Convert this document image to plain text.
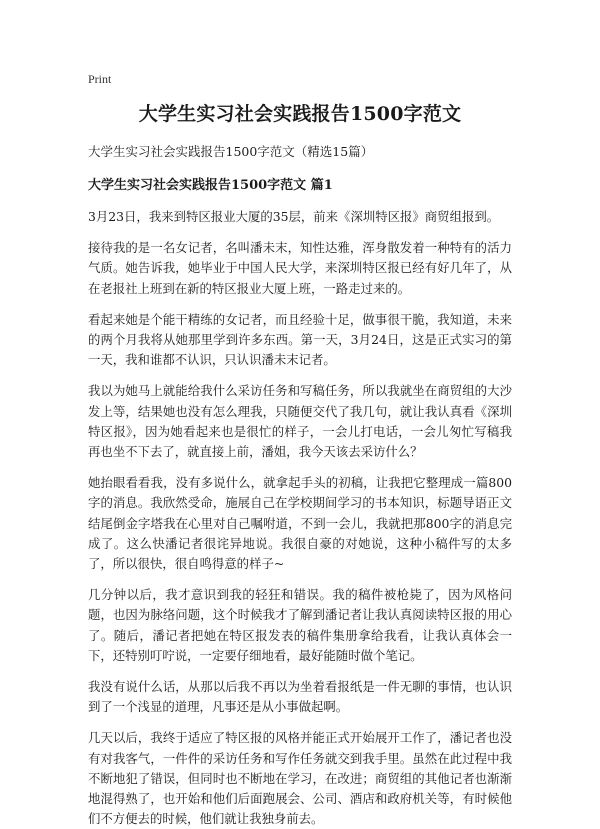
Print
大学生实习社会实践报告1500字范文
大学生实习社会实践报告1500字范文（精选15篇）
大学生实习社会实践报告1500字范文 篇1

3月23日，我来到特区报业大厦的35层，前来《深圳特区报》商贸组报到。

接待我的是一名女记者，名叫潘未末，知性达雅，浑身散发着一种特有的活力气质。她告诉我，她毕业于中国人民大学，来深圳特区报已经有好几年了，从在老报社上班到在新的特区报业大厦上班，一路走过来的。

看起来她是个能干精练的女记者，而且经验十足，做事很干脆，我知道，未来的两个月我将从她那里学到许多东西。第一天，3月24日，这是正式实习的第一天，我和谁都不认识，只认识潘未末记者。

我以为她马上就能给我什么采访任务和写稿任务，所以我就坐在商贸组的大沙发上等，结果她也没有怎么理我，只随便交代了我几句，就让我认真看《深圳特区报》，因为她看起来也是很忙的样子，一会儿打电话，一会儿匆忙写稿我再也坐不下去了，就直接上前，潘姐，我今天该去采访什么？

她抬眼看看我，没有多说什么，就拿起手头的初稿，让我把它整理成一篇800字的消息。我欣然受命，施展自己在学校期间学习的书本知识，标题导语正文结尾倒金字塔我在心里对自己嘱咐道，不到一会儿，我就把那800字的消息完成了。这么快潘记者很诧异地说。我很自豪的对她说，这种小稿件写的太多了，所以很快，很自鸣得意的样子~

几分钟以后，我才意识到我的轻狂和错误。我的稿件被枪毙了，因为风格问题，也因为脉络问题，这个时候我才了解到潘记者让我认真阅读特区报的用心了。随后，潘记者把她在特区报发表的稿件集册拿给我看，让我认真体会一下，还特别叮咛说，一定要仔细地看，最好能随时做个笔记。

我没有说什么话，从那以后我不再以为坐着看报纸是一件无聊的事情，也认识到了一个浅显的道理，凡事还是从小事做起啊。

几天以后，我终于适应了特区报的风格并能正式开始展开工作了，潘记者也没有对我客气，一件件的采访任务和写作任务就交到我手里。虽然在此过程中我不断地犯了错误，但同时也不断地在学习，在改进；商贸组的其他记者也渐渐地混得熟了，也开始和他们后面跑展会、公司、酒店和政府机关等，有时候他们不方便去的时候，他们就让我独身前去。
